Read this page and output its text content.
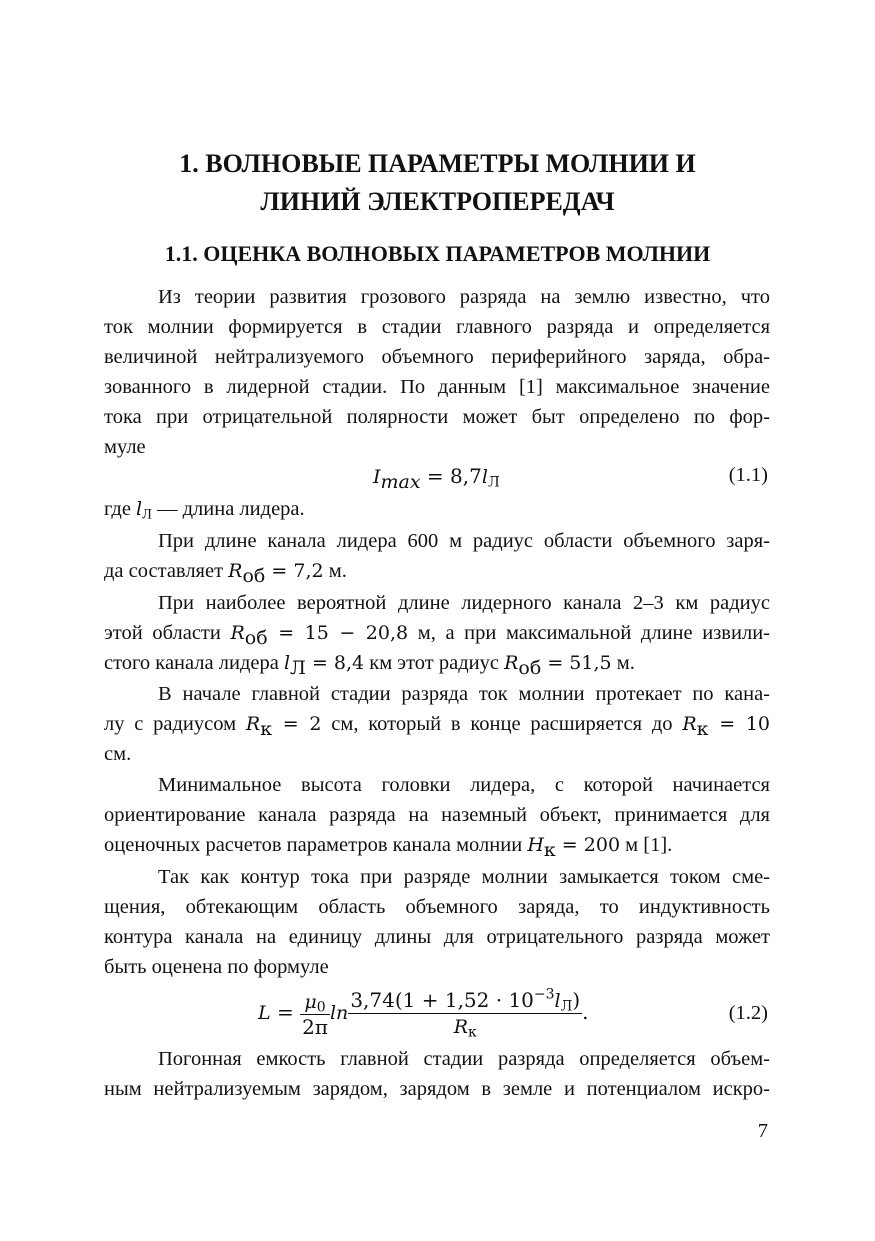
1. ВОЛНОВЫЕ ПАРАМЕТРЫ МОЛНИИ И
ЛИНИЙ ЭЛЕКТРОПЕРЕДАЧ
1.1. ОЦЕНКА ВОЛНОВЫХ ПАРАМЕТРОВ МОЛНИИ
Из теории развития грозового разряда на землю известно, что
ток молнии формируется в стадии главного разряда и определяется
величиной нейтрализуемого объемного периферийного заряда, обра-
зованного в лидерной стадии. По данным [1] максимальное значение
тока при отрицательной полярности может быт определено по фор-
муле
$I_{max} = 8,7l_Л$	(1.1)
где $l_Л$ — длина лидера.
При длине канала лидера 600 м радиус области объемного заря-
да составляет $R_{об} = 7,2$ м.
При наиболее вероятной длине лидерного канала 2–3 км радиус
этой области $R_{об} = 15 - 20,8$ м, а при максимальной длине извили-
стого канала лидера $l_Л = 8,4$ км этот радиус $R_{об} = 51,5$ м.
В начале главной стадии разряда ток молнии протекает по кана-
лу с радиусом $R_к = 2$ см, который в конце расширяется до $R_к = 10$
см.
Минимальное высота головки лидера, с которой начинается
ориентирование канала разряда на наземный объект, принимается для
оценочных расчетов параметров канала молнии $H_к = 200$ м [1].
Так как контур тока при разряде молнии замыкается током сме-
щения, обтекающим область объемного заряда, то индуктивность
контура канала на единицу длины для отрицательного разряда может
быть оценена по формуле
$L = \frac{\mu_0}{2\pi}$ $\ln \frac{3,74(1 + 1,52 \cdot 10^{-3}l_Л)}{R_к}$ .	(1.2)
Погонная емкость главной стадии разряда определяется объем-
ным нейтрализуемым зарядом, зарядом в земле и потенциалом искро-
7
